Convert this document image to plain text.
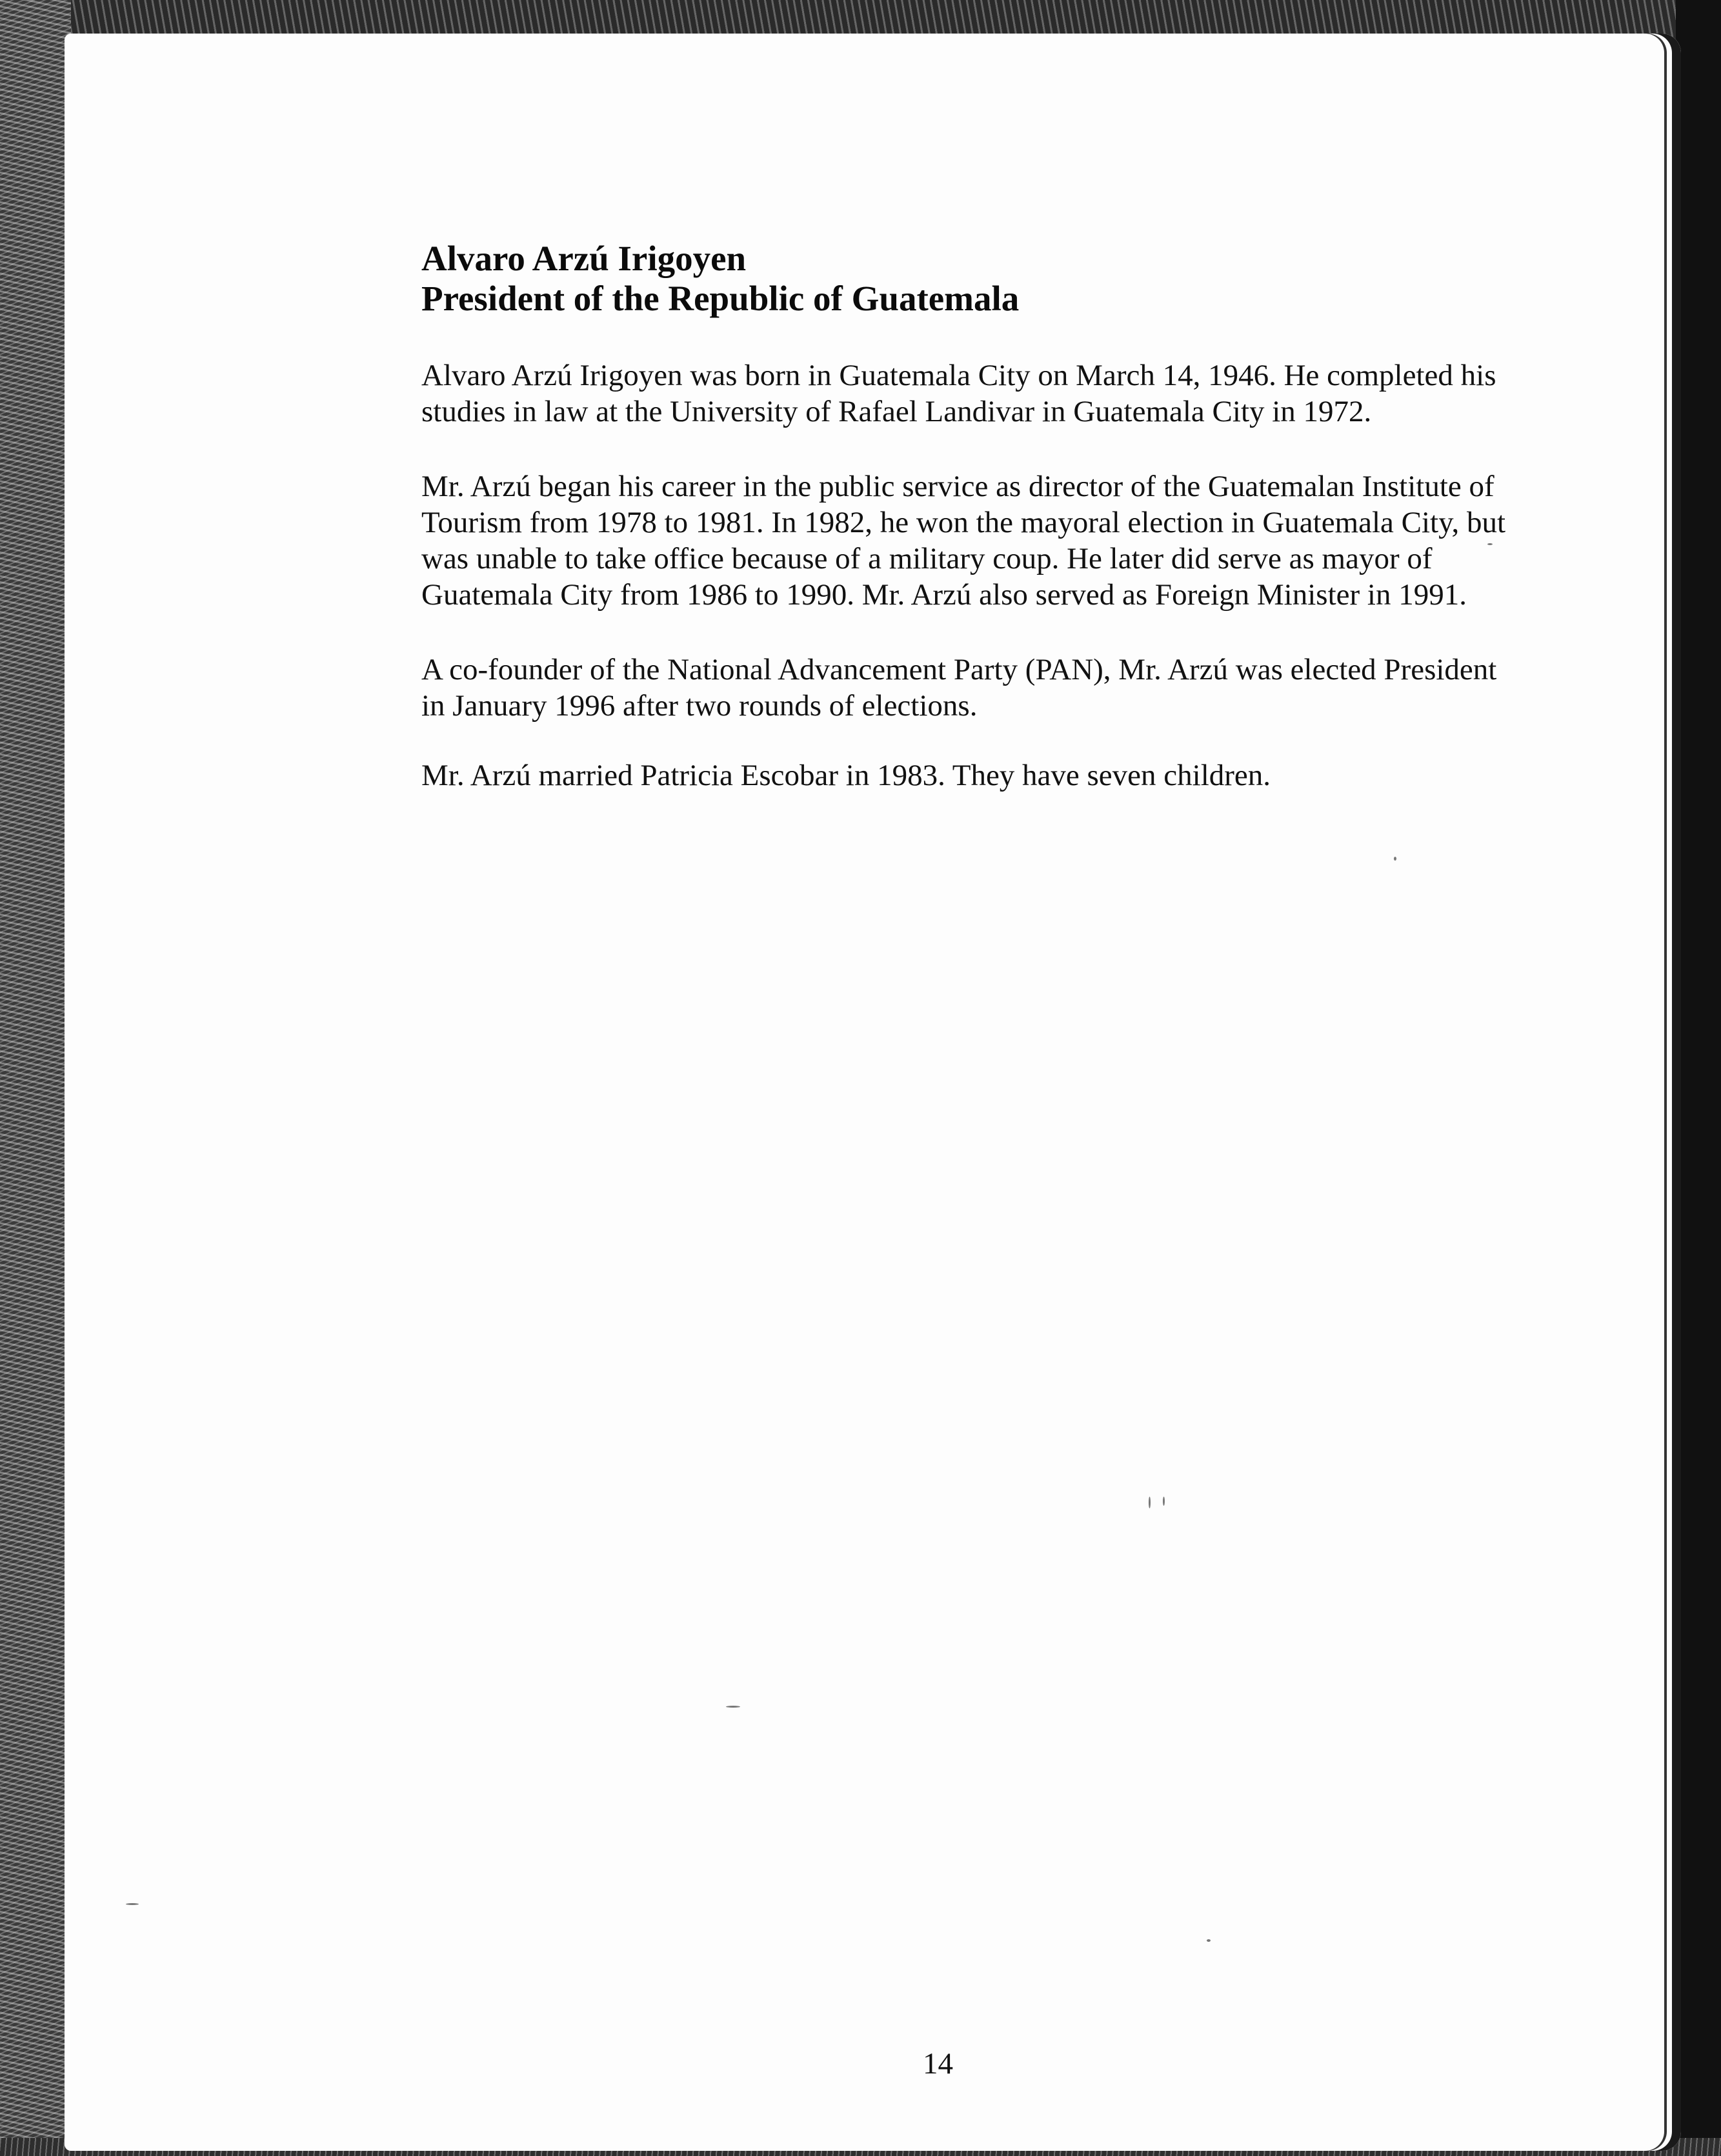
Alvaro Arzú Irigoyen
President of the Republic of Guatemala

Alvaro Arzú Irigoyen was born in Guatemala City on March 14, 1946. He completed his studies in law at the University of Rafael Landivar in Guatemala City in 1972.

Mr. Arzú began his career in the public service as director of the Guatemalan Institute of Tourism from 1978 to 1981. In 1982, he won the mayoral election in Guatemala City, but was unable to take office because of a military coup. He later did serve as mayor of Guatemala City from 1986 to 1990. Mr. Arzú also served as Foreign Minister in 1991.

A co-founder of the National Advancement Party (PAN), Mr. Arzú was elected President in January 1996 after two rounds of elections.

Mr. Arzú married Patricia Escobar in 1983. They have seven children.

14
